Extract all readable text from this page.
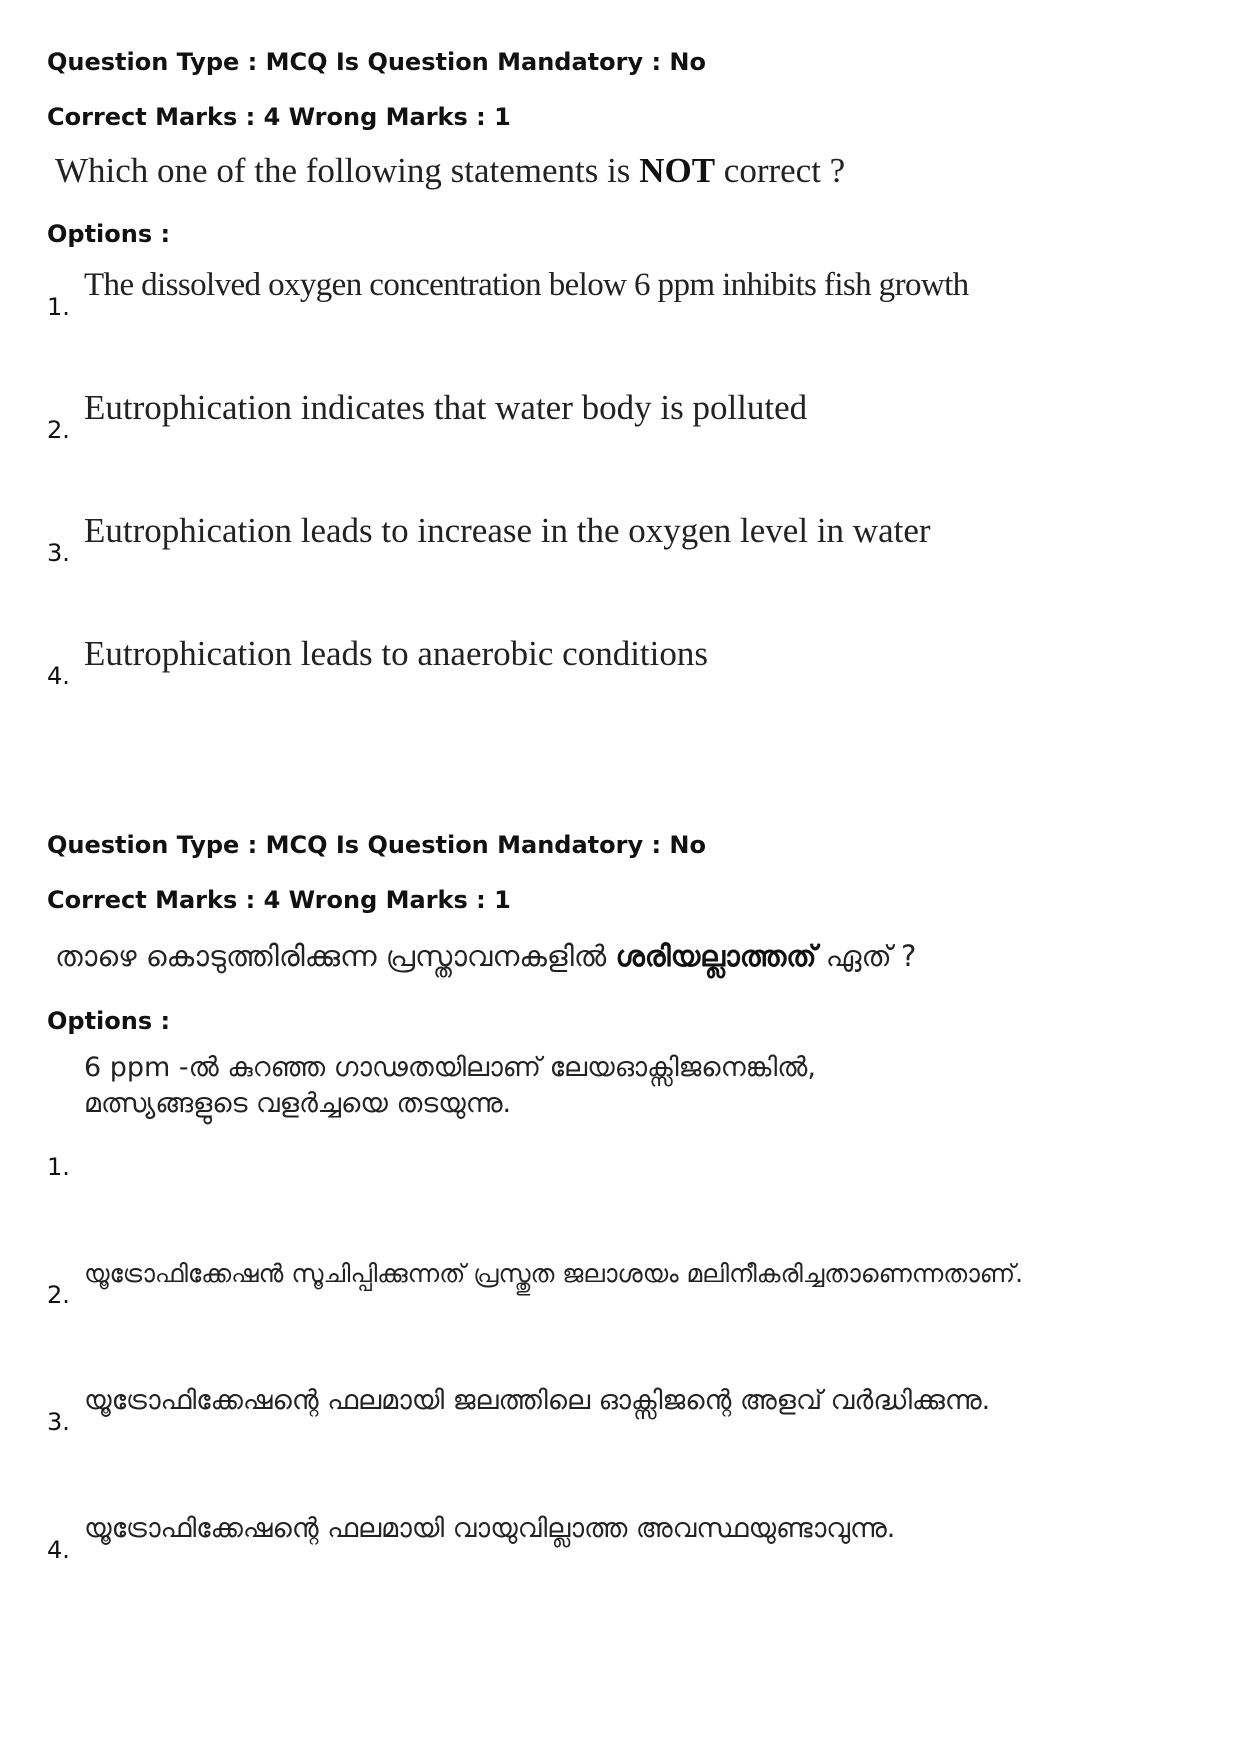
Question Type : MCQ Is Question Mandatory : No
Correct Marks : 4 Wrong Marks : 1
Which one of the following statements is NOT correct ?
Options :
1.
The dissolved oxygen concentration below 6 ppm inhibits fish growth
2.
Eutrophication indicates that water body is polluted
3.
Eutrophication leads to increase in the oxygen level in water
4.
Eutrophication leads to anaerobic conditions
Question Type : MCQ Is Question Mandatory : No
Correct Marks : 4 Wrong Marks : 1
താഴെ കൊടുത്തിരിക്കുന്ന പ്രസ്താവനകളിൽ ശരിയല്ലാത്തത് ഏത് ?
Options :
1.
6 ppm -ൽ കുറഞ്ഞ ഗാഢതയിലാണ് ലേയഓക്സിജനെങ്കിൽ, മത്സ്യങ്ങളുടെ വളർച്ചയെ തടയുന്നു.
2.
യൂട്രോഫിക്കേഷൻ സൂചിപ്പിക്കുന്നത് പ്രസ്തുത ജലാശയം മലിനീകരിച്ചതാണെന്നതാണ്.
3.
യൂട്രോഫിക്കേഷന്റെ ഫലമായി ജലത്തിലെ ഓക്സിജന്റെ അളവ് വർദ്ധിക്കുന്നു.
4.
യൂട്രോഫിക്കേഷന്റെ ഫലമായി വായുവില്ലാത്ത അവസ്ഥയുണ്ടാവുന്നു.
